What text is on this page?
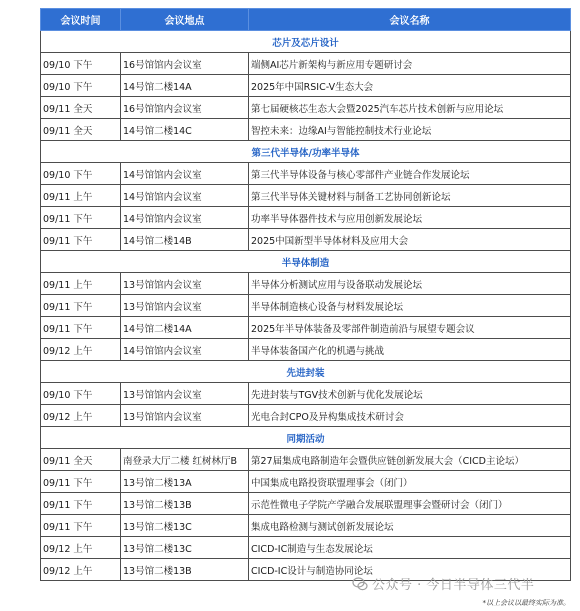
会议时间	会议地点	会议名称
芯片及芯片设计		
09/10 下午	16号馆馆内会议室	端侧AI芯片新架构与新应用专题研讨会
09/10 下午	14号馆二楼14A	2025年中国RSIC-V生态大会
09/11 全天	16号馆馆内会议室	第七届硬核芯生态大会暨2025汽车芯片技术创新与应用论坛
09/11 全天	14号馆二楼14C	智控未来：边缘AI与智能控制技术行业论坛
第三代半导体/功率半导体		
09/10 下午	14号馆馆内会议室	第三代半导体设备与核心零部件产业链合作发展论坛
09/11 上午	14号馆馆内会议室	第三代半导体关键材料与制备工艺协同创新论坛
09/11 下午	14号馆馆内会议室	功率半导体器件技术与应用创新发展论坛
09/11 下午	14号馆二楼14B	2025中国新型半导体材料及应用大会
半导体制造		
09/11 上午	13号馆馆内会议室	半导体分析测试应用与设备联动发展论坛
09/11 下午	13号馆馆内会议室	半导体制造核心设备与材料发展论坛
09/11 下午	14号馆二楼14A	2025年半导体装备及零部件制造前沿与展望专题会议
09/12 上午	14号馆馆内会议室	半导体装备国产化的机遇与挑战
先进封装		
09/10 下午	13号馆馆内会议室	先进封装与TGV技术创新与优化发展论坛
09/12 上午	13号馆馆内会议室	光电合封CPO及异构集成技术研讨会
同期活动		
09/11 全天	南登录大厅二楼 红树林厅B	第27届集成电路制造年会暨供应链创新发展大会（CICD主论坛）
09/11 下午	13号馆二楼13A	中国集成电路投资联盟理事会（闭门）
09/11 下午	13号馆二楼13B	示范性微电子学院产学融合发展联盟理事会暨研讨会（闭门）
09/11 下午	13号馆二楼13C	集成电路检测与测试创新发展论坛
09/12 上午	13号馆二楼13C	CICD-IC制造与生态发展论坛
09/12 上午	13号馆二楼13B	CICD-IC设计与制造协同论坛
公众号 · 今日半导体三代半
*以上会议以最终实际为准。
